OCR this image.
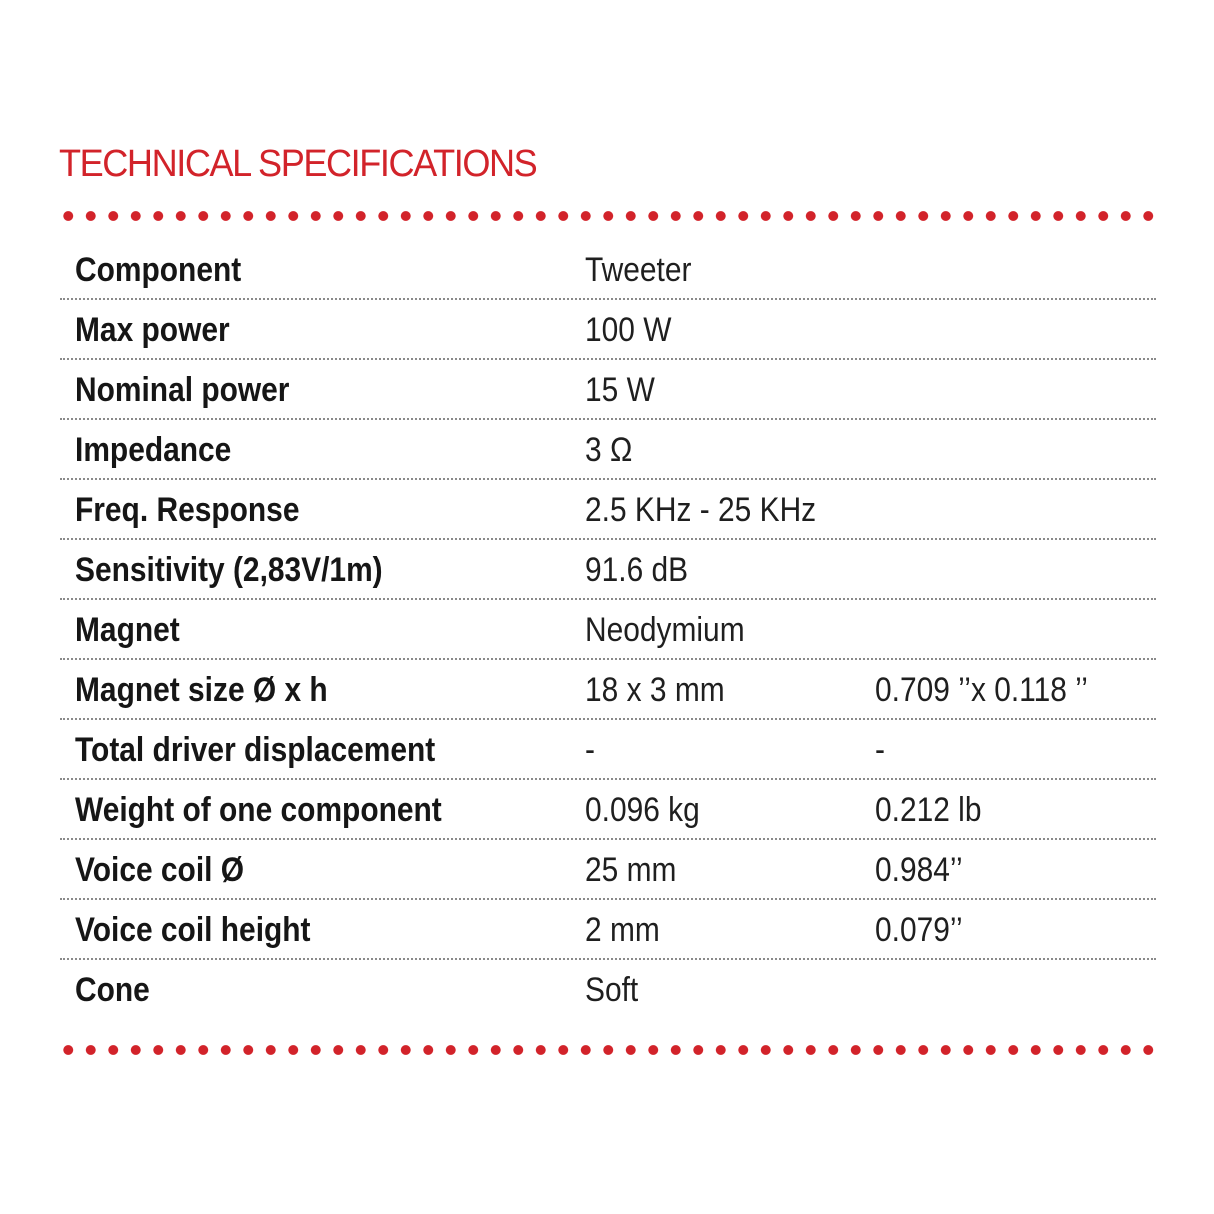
TECHNICAL SPECIFICATIONS
Component	Tweeter
Max power	100 W
Nominal power	15 W
Impedance	3 Ω
Freq. Response	2.5 KHz - 25 KHz
Sensitivity (2,83V/1m)	91.6 dB
Magnet	Neodymium
Magnet size Ø x h	18 x 3 mm	0.709 ’’x 0.118 ’’
Total driver displacement	-	-
Weight of one component	0.096 kg	0.212 lb
Voice coil Ø	25 mm	0.984’’
Voice coil height	2 mm	0.079’’
Cone	Soft
